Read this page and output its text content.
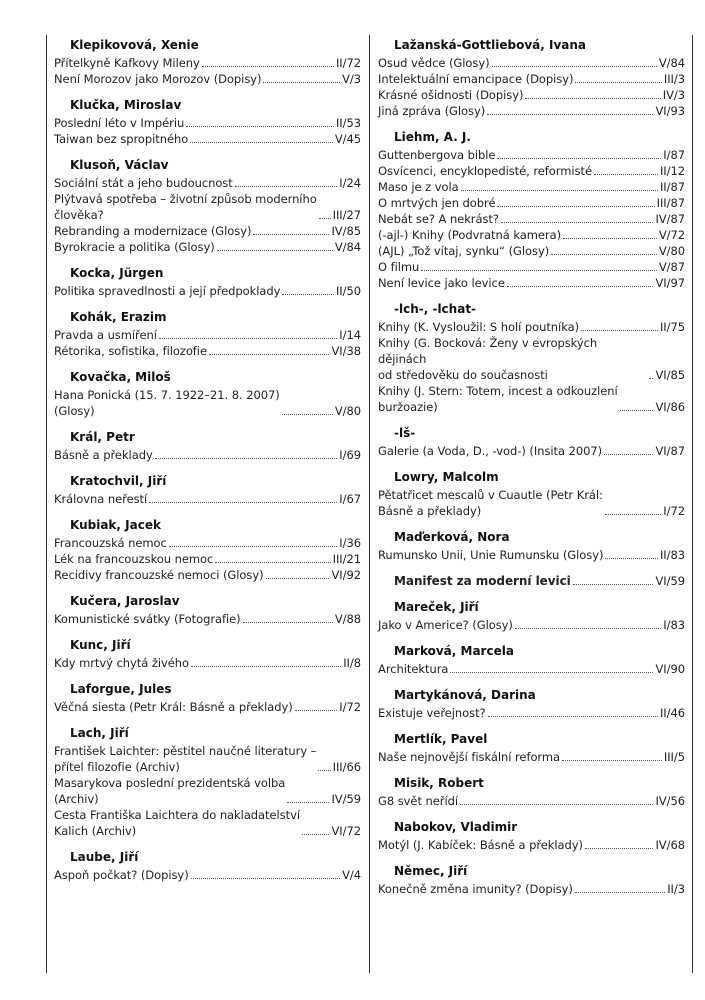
Klepikovová, Xenie
Přítelkyně Kafkovy Mileny	II/72
Není Morozov jako Morozov (Dopisy)	V/3
Klučka, Miroslav
Poslední léto v Impériu	II/53
Taiwan bez spropitného	V/45
Klusoň, Václav
Sociální stát a jeho budoucnost	I/24
Plýtvavá spotřeba – životní způsob moderního
člověka?	III/27
Rebranding a modernizace (Glosy)	IV/85
Byrokracie a politika (Glosy)	V/84
Kocka, Jürgen
Politika spravedlnosti a její předpoklady	II/50
Kohák, Erazim
Pravda a usmíření	I/14
Rétorika, sofistika, filozofie	VI/38
Kovačka, Miloš
Hana Ponická (15. 7. 1922–21. 8. 2007)
(Glosy)	V/80
Král, Petr
Básně a překlady	I/69
Kratochvil, Jiří
Královna neřestí	I/67
Kubiak, Jacek
Francouzská nemoc	I/36
Lék na francouzskou nemoc	III/21
Recidivy francouzské nemoci (Glosy)	VI/92
Kučera, Jaroslav
Komunistické svátky (Fotografie)	V/88
Kunc, Jiří
Kdy mrtvý chytá živého	II/8
Laforgue, Jules
Věčná siesta (Petr Král: Básně a překlady)	I/72
Lach, Jiří
František Laichter: pěstitel naučné literatury –
přítel filozofie (Archiv)	III/66
Masarykova poslední prezidentská volba
(Archiv)	IV/59
Cesta Františka Laichtera do nakladatelství
Kalich (Archiv)	VI/72
Laube, Jiří
Aspoň počkat? (Dopisy)	V/4
Lažanská-Gottliebová, Ivana
Osud vědce (Glosy)	V/84
Intelektuální emancipace (Dopisy)	III/3
Krásné ošidnosti (Dopisy)	IV/3
Jiná zpráva (Glosy)	VI/93
Liehm, A. J.
Guttenbergova bible	I/87
Osvícenci, encyklopedisté, reformisté	II/12
Maso je z vola	II/87
O mrtvých jen dobré	III/87
Nebát se? A nekrást?	IV/87
(-ajl-) Knihy (Podvratná kamera)	V/72
(AJL) „Tož vítaj, synku“ (Glosy)	V/80
O filmu	V/87
Není levice jako levice	VI/97
-lch-, -lchat-
Knihy (K. Vysloužil: S holí poutníka)	II/75
Knihy (G. Bocková: Ženy v evropských dějinách
od středověku do současnosti	VI/85
Knihy (J. Stern: Totem, incest a odkouzlení
buržoazie)	VI/86
-lš-
Galerie (a Voda, D., -vod-) (Insita 2007)	VI/87
Lowry, Malcolm
Pětatřicet mescalů v Cuautle (Petr Král:
Básně a překlady)	I/72
Maďerková, Nora
Rumunsko Unii, Unie Rumunsku (Glosy)	II/83
Manifest za moderní levici	VI/59
Mareček, Jiří
Jako v Americe? (Glosy)	I/83
Marková, Marcela
Architektura	VI/90
Martykánová, Darina
Existuje veřejnost?	II/46
Mertlík, Pavel
Naše nejnovější fiskální reforma	III/5
Misik, Robert
G8 svět neřídí	IV/56
Nabokov, Vladimir
Motýl (J. Kabíček: Básně a překlady)	IV/68
Němec, Jiří
Konečně změna imunity? (Dopisy)	II/3
